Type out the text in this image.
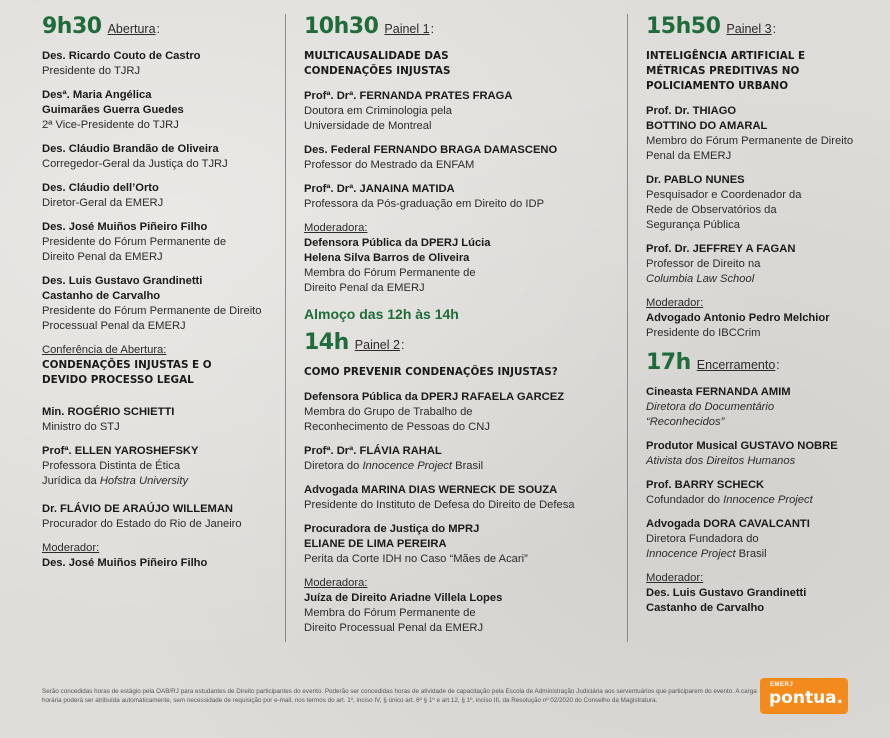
9h30 Abertura :
Des. Ricardo Couto de Castro
Presidente do TJRJ
Desª. Maria Angélica Guimarães Guerra Guedes
2ª Vice-Presidente do TJRJ
Des. Cláudio Brandão de Oliveira
Corregedor-Geral da Justiça do TJRJ
Des. Cláudio dell’Orto
Diretor-Geral da EMERJ
Des. José Muiños Piñeiro Filho
Presidente do Fórum Permanente de Direito Penal da EMERJ
Des. Luis Gustavo Grandinetti Castanho de Carvalho
Presidente do Fórum Permanente de Direito Processual Penal da EMERJ
Conferência de Abertura:
CONDENAÇÕES INJUSTAS E O DEVIDO PROCESSO LEGAL
Min. ROGÉRIO SCHIETTI
Ministro do STJ
Profª. ELLEN YAROSHEFSKY
Professora Distinta de Ética Jurídica da Hofstra University
Dr. FLÁVIO DE ARAÚJO WILLEMAN
Procurador do Estado do Rio de Janeiro
Moderador:
Des. José Muiños Piñeiro Filho
10h30 Painel 1 :
MULTICAUSALIDADE DAS CONDENAÇÕES INJUSTAS
Profª. Drª. FERNANDA PRATES FRAGA
Doutora em Criminologia pela Universidade de Montreal
Des. Federal FERNANDO BRAGA DAMASCENO
Professor do Mestrado da ENFAM
Profª. Drª. JANAINA MATIDA
Professora da Pós-graduação em Direito do IDP
Moderadora:
Defensora Pública da DPERJ Lúcia Helena Silva Barros de Oliveira
Membra do Fórum Permanente de Direito Penal da EMERJ
Almoço das 12h às 14h
14h Painel 2 :
COMO PREVENIR CONDENAÇÕES INJUSTAS?
Defensora Pública da DPERJ RAFAELA GARCEZ
Membra do Grupo de Trabalho de Reconhecimento de Pessoas do CNJ
Profª. Drª. FLÁVIA RAHAL
Diretora do Innocence Project Brasil
Advogada MARINA DIAS WERNECK DE SOUZA
Presidente do Instituto de Defesa do Direito de Defesa
Procuradora de Justiça do MPRJ ELIANE DE LIMA PEREIRA
Perita da Corte IDH no Caso “Mães de Acari”
Moderadora:
Juíza de Direito Ariadne Villela Lopes
Membra do Fórum Permanente de Direito Processual Penal da EMERJ
15h50 Painel 3 :
INTELIGÊNCIA ARTIFICIAL E MÉTRICAS PREDITIVAS NO POLICIAMENTO URBANO
Prof. Dr. THIAGO BOTTINO DO AMARAL
Membro do Fórum Permanente de Direito Penal da EMERJ
Dr. PABLO NUNES
Pesquisador e Coordenador da Rede de Observatórios da Segurança Pública
Prof. Dr. JEFFREY A FAGAN
Professor de Direito na Columbia Law School
Moderador:
Advogado Antonio Pedro Melchior
Presidente do IBCCrim
17h Encerramento :
Cineasta FERNANDA AMIM
Diretora do Documentário “Reconhecidos”
Produtor Musical GUSTAVO NOBRE
Ativista dos Direitos Humanos
Prof. BARRY SCHECK
Cofundador do Innocence Project
Advogada DORA CAVALCANTI
Diretora Fundadora do Innocence Project Brasil
Moderador:
Des. Luis Gustavo Grandinetti Castanho de Carvalho
Serão concedidas horas de estágio pela OAB/RJ para estudantes de Direito participantes do evento. Poderão ser concedidas horas de atividade de capacitação pela Escola de Administração Judiciária aos serventuários que participarem do evento. A carga horária poderá ser atribuída automaticamente, sem necessidade de requisição por e-mail, nos termos do art. 1º, inciso IV, § único art. 6º § 1º e art.12, § 1º, inciso III, da Resolução nº 02/2020 do Conselho da Magistratura.
EMERJ
pontua.
